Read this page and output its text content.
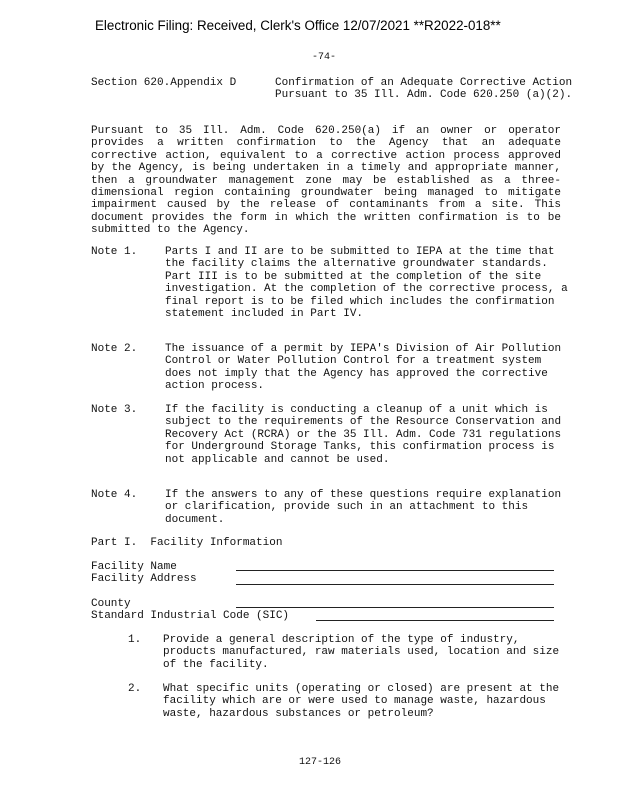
Electronic Filing: Received, Clerk's Office 12/07/2021 **R2022-018**
-74-
Section 620.Appendix D	Confirmation of an Adequate Corrective Action Pursuant to 35 Ill. Adm. Code 620.250 (a)(2).
Pursuant to 35 Ill. Adm. Code 620.250(a) if an owner or operator provides a written confirmation to the Agency that an adequate corrective action, equivalent to a corrective action process approved by the Agency, is being undertaken in a timely and appropriate manner, then a groundwater management zone may be established as a three-dimensional region containing groundwater being managed to mitigate impairment caused by the release of contaminants from a site. This document provides the form in which the written confirmation is to be submitted to the Agency.
Note 1.	Parts I and II are to be submitted to IEPA at the time that the facility claims the alternative groundwater standards. Part III is to be submitted at the completion of the site investigation. At the completion of the corrective process, a final report is to be filed which includes the confirmation statement included in Part IV.
Note 2.	The issuance of a permit by IEPA's Division of Air Pollution Control or Water Pollution Control for a treatment system does not imply that the Agency has approved the corrective action process.
Note 3.	If the facility is conducting a cleanup of a unit which is subject to the requirements of the Resource Conservation and Recovery Act (RCRA) or the 35 Ill. Adm. Code 731 regulations for Underground Storage Tanks, this confirmation process is not applicable and cannot be used.
Note 4.	If the answers to any of these questions require explanation or clarification, provide such in an attachment to this document.
Part I.  Facility Information
Facility Name
Facility Address
County
Standard Industrial Code (SIC)
1. Provide a general description of the type of industry, products manufactured, raw materials used, location and size of the facility.
2. What specific units (operating or closed) are present at the facility which are or were used to manage waste, hazardous waste, hazardous substances or petroleum?
127-126
